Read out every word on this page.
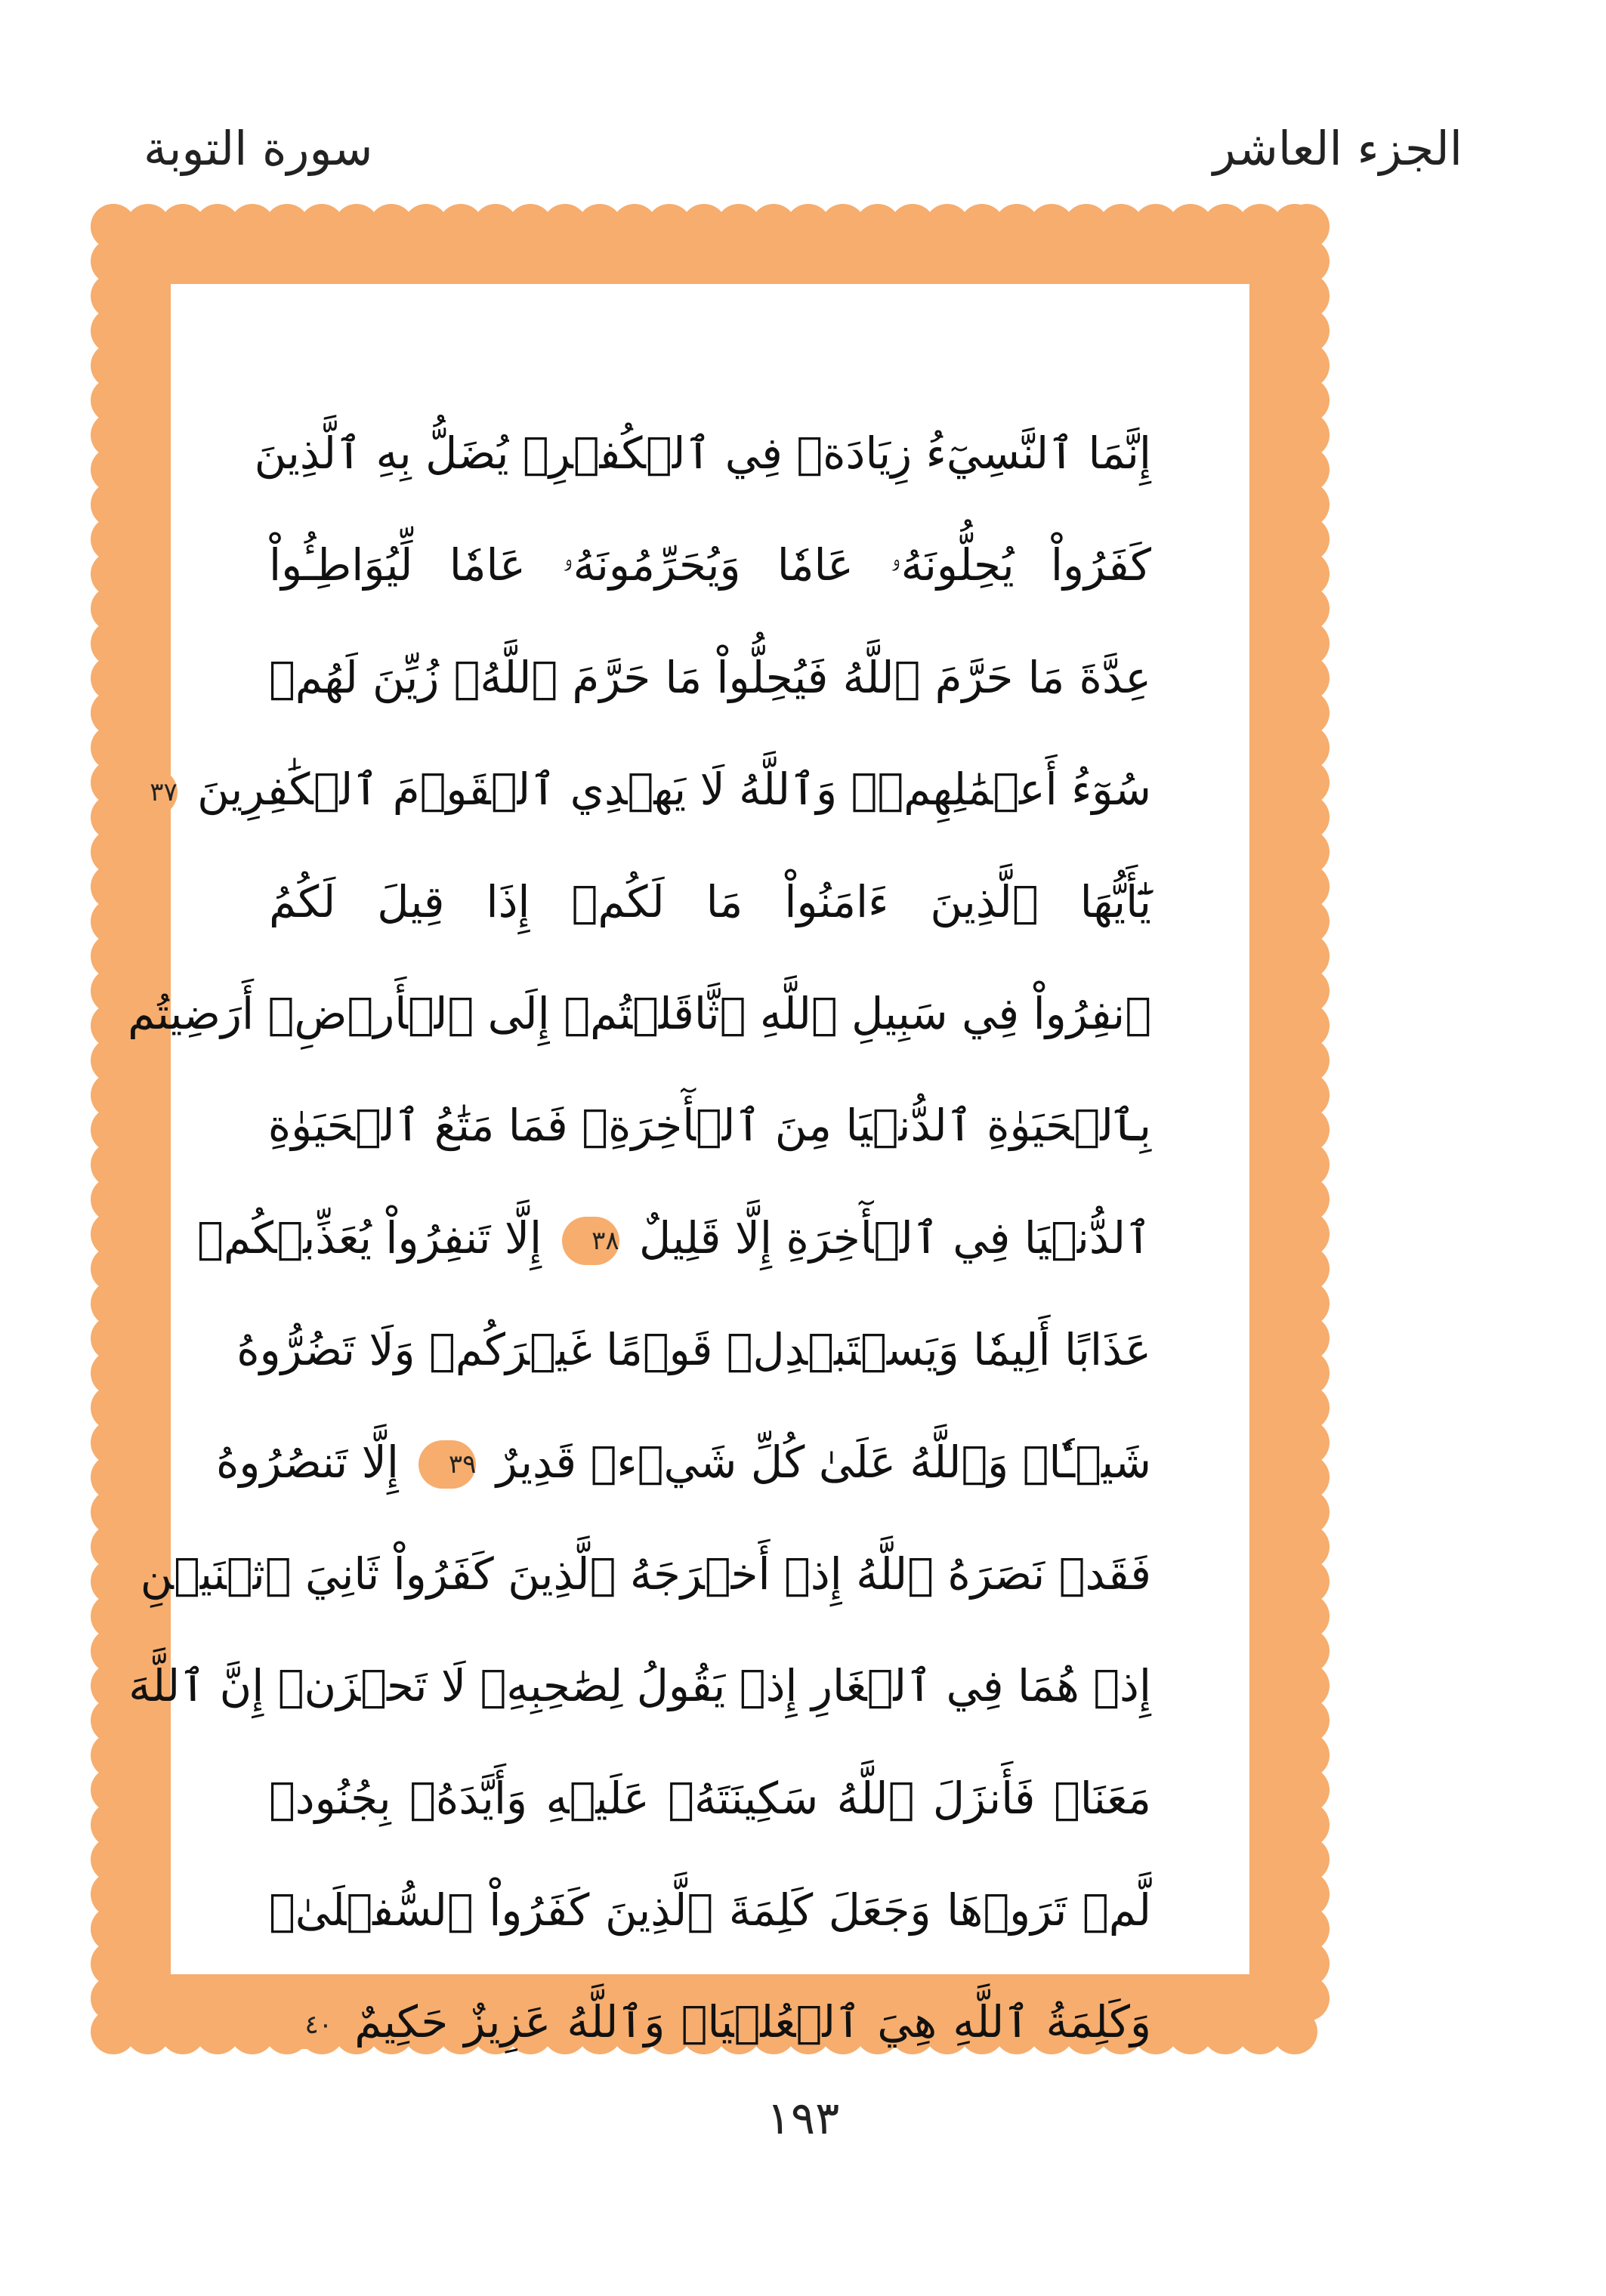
الجزء العاشر
سورة التوبة
إِنَّمَا ٱلنَّسِيٓءُ زِيَادَةٞ فِي ٱلۡكُفۡرِۖ يُضَلُّ بِهِ ٱلَّذِينَ
كَفَرُواْ يُحِلُّونَهُۥ عَامٗا وَيُحَرِّمُونَهُۥ عَامٗا لِّيُوَاطِـُٔواْ
عِدَّةَ مَا حَرَّمَ ٱللَّهُ فَيُحِلُّواْ مَا حَرَّمَ ٱللَّهُۚ زُيِّنَ لَهُمۡ
سُوٓءُ أَعۡمَٰلِهِمۡۗ وَٱللَّهُ لَا يَهۡدِي ٱلۡقَوۡمَ ٱلۡكَٰفِرِينَ ٣٧
يَٰٓأَيُّهَا ٱلَّذِينَ ءَامَنُواْ مَا لَكُمۡ إِذَا قِيلَ لَكُمُ
ٱنفِرُواْ فِي سَبِيلِ ٱللَّهِ ٱثَّاقَلۡتُمۡ إِلَى ٱلۡأَرۡضِۚ أَرَضِيتُم
بِٱلۡحَيَوٰةِ ٱلدُّنۡيَا مِنَ ٱلۡأٓخِرَةِۚ فَمَا مَتَٰعُ ٱلۡحَيَوٰةِ
ٱلدُّنۡيَا فِي ٱلۡأٓخِرَةِ إِلَّا قَلِيلٌ ٣٨ إِلَّا تَنفِرُواْ يُعَذِّبۡكُمۡ
عَذَابًا أَلِيمٗا وَيَسۡتَبۡدِلۡ قَوۡمًا غَيۡرَكُمۡ وَلَا تَضُرُّوهُ
شَيۡـٔٗاۗ وَٱللَّهُ عَلَىٰ كُلِّ شَيۡءٖ قَدِيرٌ ٣٩ إِلَّا تَنصُرُوهُ
فَقَدۡ نَصَرَهُ ٱللَّهُ إِذۡ أَخۡرَجَهُ ٱلَّذِينَ كَفَرُواْ ثَانِيَ ٱثۡنَيۡنِ
إِذۡ هُمَا فِي ٱلۡغَارِ إِذۡ يَقُولُ لِصَٰحِبِهِۦ لَا تَحۡزَنۡ إِنَّ ٱللَّهَ
مَعَنَاۖ فَأَنزَلَ ٱللَّهُ سَكِينَتَهُۥ عَلَيۡهِ وَأَيَّدَهُۥ بِجُنُودٖ
لَّمۡ تَرَوۡهَا وَجَعَلَ كَلِمَةَ ٱلَّذِينَ كَفَرُواْ ٱلسُّفۡلَىٰۗ
وَكَلِمَةُ ٱللَّهِ هِيَ ٱلۡعُلۡيَاۗ وَٱللَّهُ عَزِيزٌ حَكِيمٌ ٤٠
١٩٣
